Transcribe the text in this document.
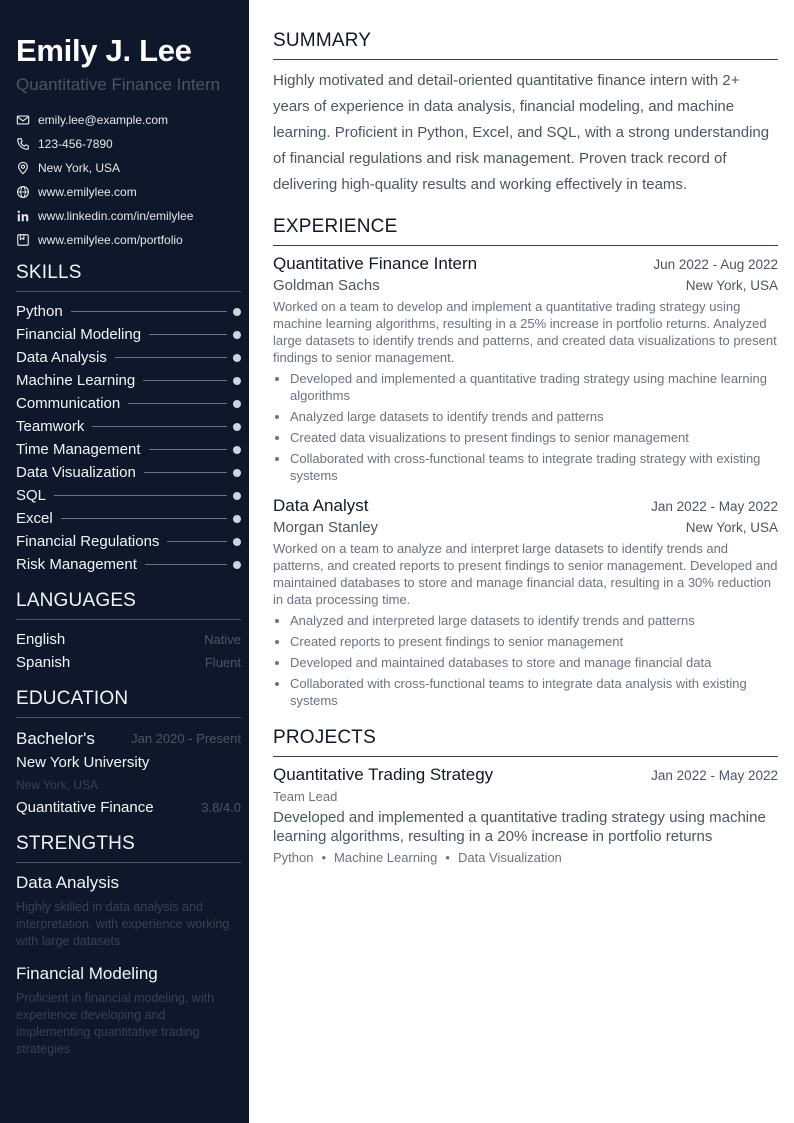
Emily J. Lee
Quantitative Finance Intern
emily.lee@example.com
123-456-7890
New York, USA
www.emilylee.com
www.linkedin.com/in/emilylee
www.emilylee.com/portfolio
SKILLS
Python
Financial Modeling
Data Analysis
Machine Learning
Communication
Teamwork
Time Management
Data Visualization
SQL
Excel
Financial Regulations
Risk Management
LANGUAGES
English	Native
Spanish	Fluent
EDUCATION
Bachelor's	Jan 2020 - Present
New York University
New York, USA
Quantitative Finance	3.8/4.0
STRENGTHS
Data Analysis
Highly skilled in data analysis and interpretation, with experience working with large datasets
Financial Modeling
Proficient in financial modeling, with experience developing and implementing quantitative trading strategies
SUMMARY
Highly motivated and detail-oriented quantitative finance intern with 2+ years of experience in data analysis, financial modeling, and machine learning. Proficient in Python, Excel, and SQL, with a strong understanding of financial regulations and risk management. Proven track record of delivering high-quality results and working effectively in teams.
EXPERIENCE
Quantitative Finance Intern	Jun 2022 - Aug 2022
Goldman Sachs	New York, USA
Worked on a team to develop and implement a quantitative trading strategy using machine learning algorithms, resulting in a 25% increase in portfolio returns. Analyzed large datasets to identify trends and patterns, and created data visualizations to present findings to senior management.
• Developed and implemented a quantitative trading strategy using machine learning algorithms
• Analyzed large datasets to identify trends and patterns
• Created data visualizations to present findings to senior management
• Collaborated with cross-functional teams to integrate trading strategy with existing systems
Data Analyst	Jan 2022 - May 2022
Morgan Stanley	New York, USA
Worked on a team to analyze and interpret large datasets to identify trends and patterns, and created reports to present findings to senior management. Developed and maintained databases to store and manage financial data, resulting in a 30% reduction in data processing time.
• Analyzed and interpreted large datasets to identify trends and patterns
• Created reports to present findings to senior management
• Developed and maintained databases to store and manage financial data
• Collaborated with cross-functional teams to integrate data analysis with existing systems
PROJECTS
Quantitative Trading Strategy	Jan 2022 - May 2022
Team Lead
Developed and implemented a quantitative trading strategy using machine learning algorithms, resulting in a 20% increase in portfolio returns
Python • Machine Learning • Data Visualization
